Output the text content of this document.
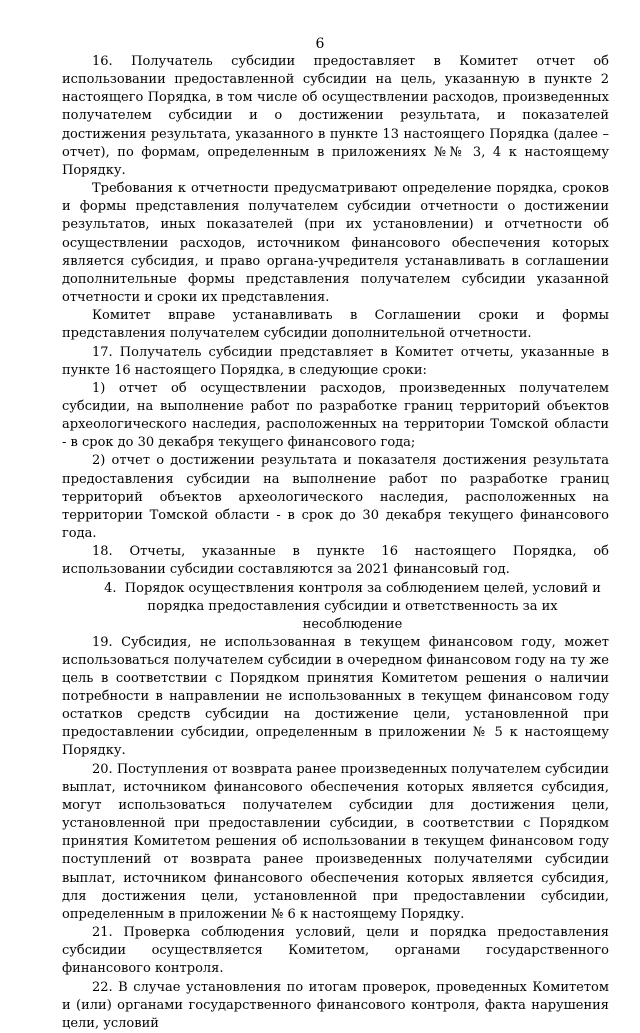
6

16. Получатель субсидии предоставляет в Комитет отчет об использовании предоставленной субсидии на цель, указанную в пункте 2 настоящего Порядка, в том числе об осуществлении расходов, произведенных получателем субсидии и о достижении результата, и показателей достижения результата, указанного в пункте 13 настоящего Порядка (далее – отчет), по формам, определенным в приложениях №№ 3, 4 к настоящему Порядку.

Требования к отчетности предусматривают определение порядка, сроков и формы представления получателем субсидии отчетности о достижении результатов, иных показателей (при их установлении) и отчетности об осуществлении расходов, источником финансового обеспечения которых является субсидия, и право органа-учредителя устанавливать в соглашении дополнительные формы представления получателем субсидии указанной отчетности и сроки их представления.

Комитет вправе устанавливать в Соглашении сроки и формы представления получателем субсидии дополнительной отчетности.

17. Получатель субсидии представляет в Комитет отчеты, указанные в пункте 16 настоящего Порядка, в следующие сроки:

1) отчет об осуществлении расходов, произведенных получателем субсидии, на выполнение работ по разработке границ территорий объектов археологического наследия, расположенных на территории Томской области - в срок до 30 декабря текущего финансового года;

2) отчет о достижении результата и показателя достижения результата предоставления субсидии на выполнение работ по разработке границ территорий объектов археологического наследия, расположенных на территории Томской области - в срок до 30 декабря текущего финансового года.

18. Отчеты, указанные в пункте 16 настоящего Порядка, об использовании субсидии составляются за 2021 финансовый год.

4. Порядок осуществления контроля за соблюдением целей, условий и порядка предоставления субсидии и ответственность за их несоблюдение

19. Субсидия, не использованная в текущем финансовом году, может использоваться получателем субсидии в очередном финансовом году на ту же цель в соответствии с Порядком принятия Комитетом решения о наличии потребности в направлении не использованных в текущем финансовом году остатков средств субсидии на достижение цели, установленной при предоставлении субсидии, определенным в приложении № 5 к настоящему Порядку.

20. Поступления от возврата ранее произведенных получателем субсидии выплат, источником финансового обеспечения которых является субсидия, могут использоваться получателем субсидии для достижения цели, установленной при предоставлении субсидии, в соответствии с Порядком принятия Комитетом решения об использовании в текущем финансовом году поступлений от возврата ранее произведенных получателями субсидии выплат, источником финансового обеспечения которых является субсидия, для достижения цели, установленной при предоставлении субсидии, определенным в приложении № 6 к настоящему Порядку.

21. Проверка соблюдения условий, цели и порядка предоставления субсидии осуществляется Комитетом, органами государственного финансового контроля.

22. В случае установления по итогам проверок, проведенных Комитетом и (или) органами государственного финансового контроля, факта нарушения цели, условий
